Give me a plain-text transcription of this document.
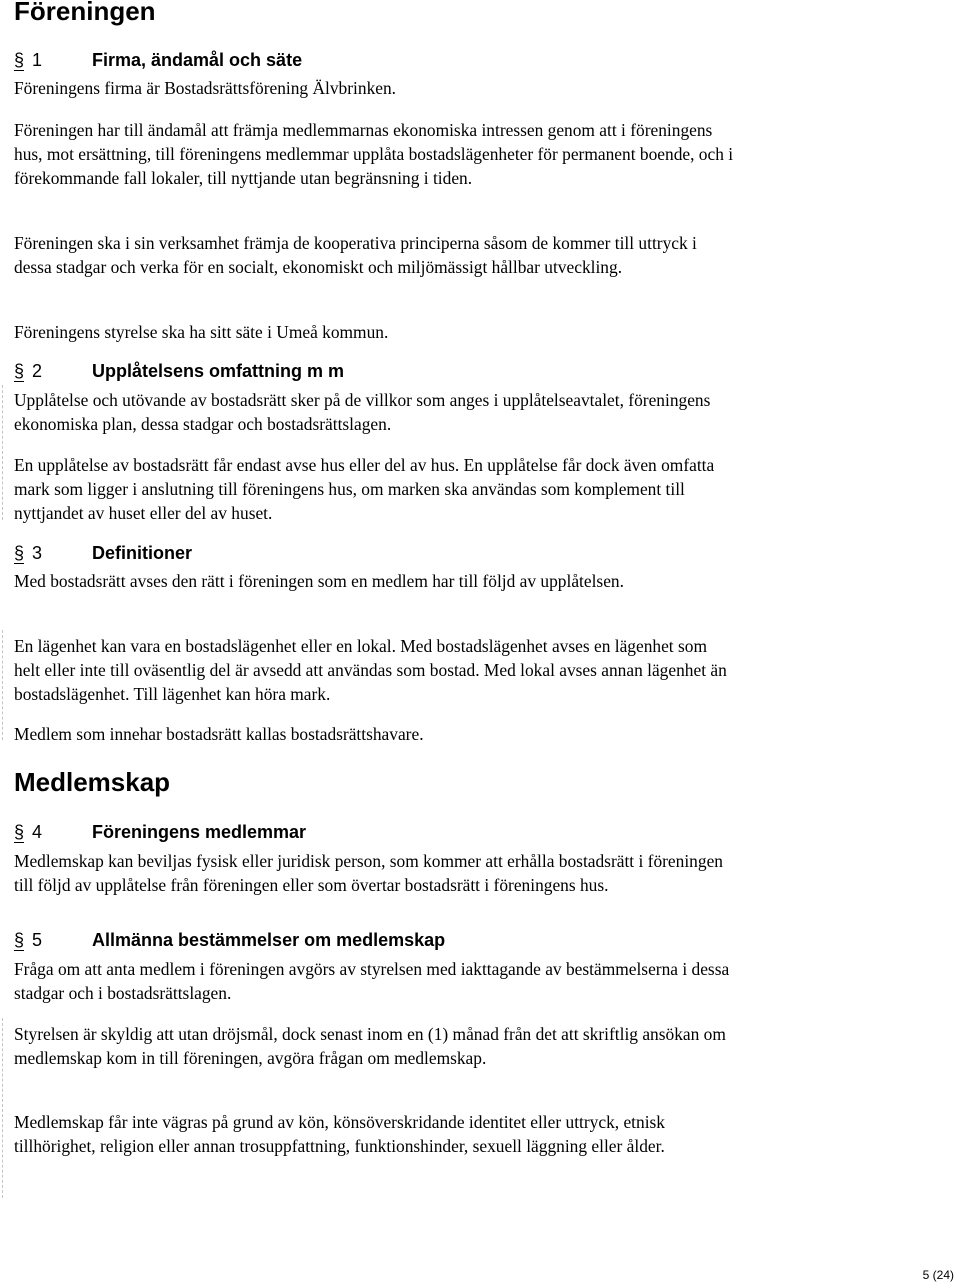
Föreningen
§ 1	Firma, ändamål och säte

Föreningens firma är Bostadsrättsförening Älvbrinken.

Föreningen har till ändamål att främja medlemmarnas ekonomiska intressen genom att i föreningens hus, mot ersättning, till föreningens medlemmar upplåta bostadslägenheter för permanent boende, och i förekommande fall lokaler, till nyttjande utan begränsning i tiden.

Föreningen ska i sin verksamhet främja de kooperativa principerna såsom de kommer till uttryck i dessa stadgar och verka för en socialt, ekonomiskt och miljömässigt hållbar utveckling.

Föreningens styrelse ska ha sitt säte i Umeå kommun.

§ 2	Upplåtelsens omfattning m m

Upplåtelse och utövande av bostadsrätt sker på de villkor som anges i upplåtelseavtalet, föreningens ekonomiska plan, dessa stadgar och bostadsrättslagen.

En upplåtelse av bostadsrätt får endast avse hus eller del av hus. En upplåtelse får dock även omfatta mark som ligger i anslutning till föreningens hus, om marken ska användas som komplement till nyttjandet av huset eller del av huset.

§ 3	Definitioner

Med bostadsrätt avses den rätt i föreningen som en medlem har till följd av upplåtelsen.

En lägenhet kan vara en bostadslägenhet eller en lokal. Med bostadslägenhet avses en lägenhet som helt eller inte till oväsentlig del är avsedd att användas som bostad. Med lokal avses annan lägenhet än bostadslägenhet. Till lägenhet kan höra mark.

Medlem som innehar bostadsrätt kallas bostadsrättshavare.

Medlemskap
§ 4	Föreningens medlemmar

Medlemskap kan beviljas fysisk eller juridisk person, som kommer att erhålla bostadsrätt i föreningen till följd av upplåtelse från föreningen eller som övertar bostadsrätt i föreningens hus.

§ 5	Allmänna bestämmelser om medlemskap

Fråga om att anta medlem i föreningen avgörs av styrelsen med iakttagande av bestämmelserna i dessa stadgar och i bostadsrättslagen.

Styrelsen är skyldig att utan dröjsmål, dock senast inom en (1) månad från det att skriftlig ansökan om medlemskap kom in till föreningen, avgöra frågan om medlemskap.

Medlemskap får inte vägras på grund av kön, könsöverskridande identitet eller uttryck, etnisk tillhörighet, religion eller annan trosuppfattning, funktionshinder, sexuell läggning eller ålder.

5 (24)
